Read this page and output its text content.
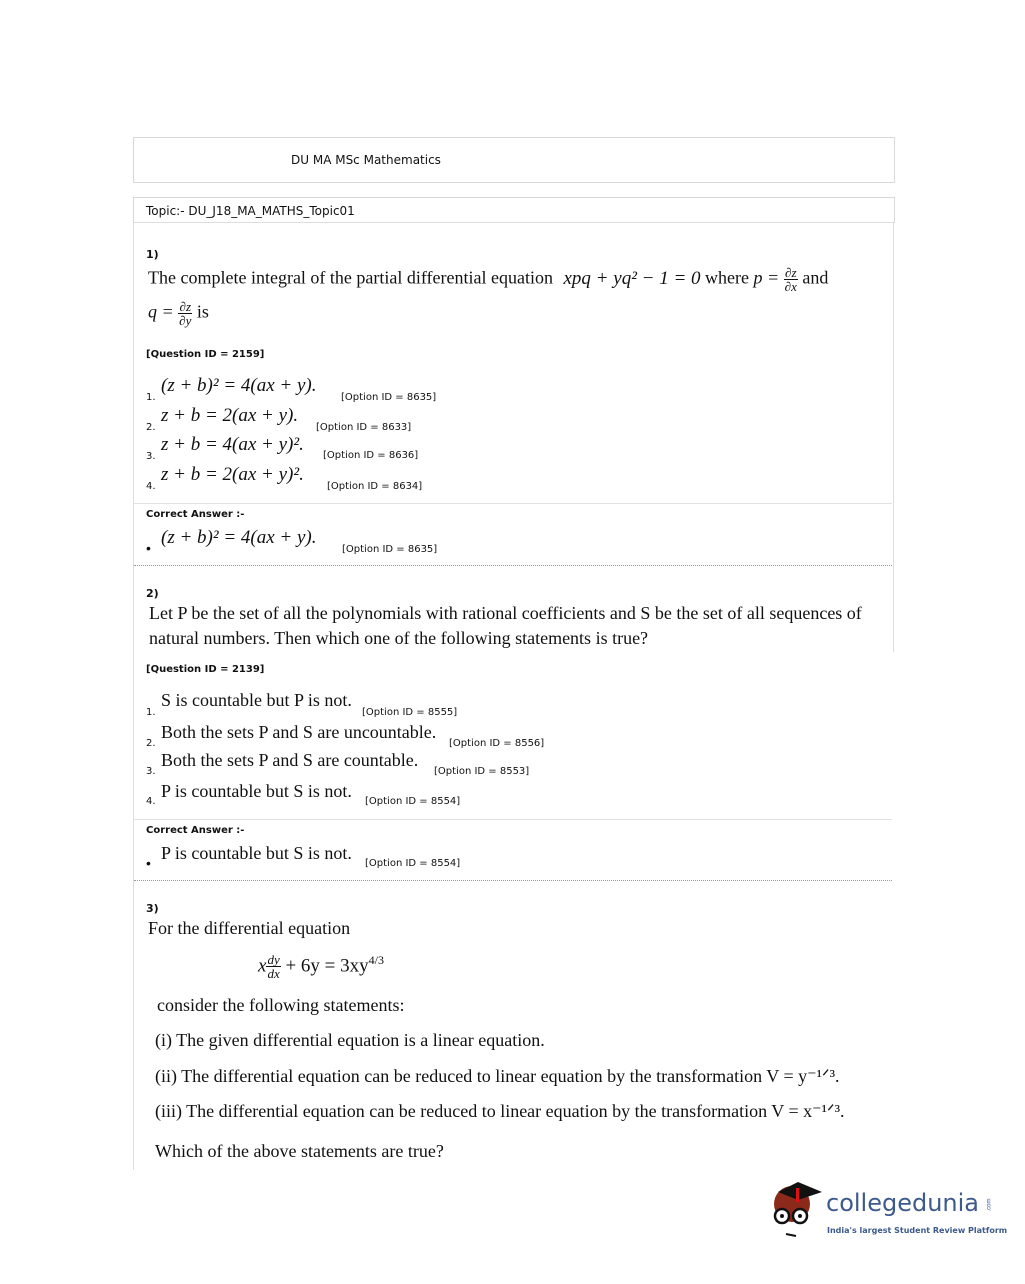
DU MA MSc Mathematics
Topic:- DU_J18_MA_MATHS_Topic01
1)
The complete integral of the partial differential equation xpq + yq² − 1 = 0 where $p = \frac{\partial z}{\partial x}$ and
$q = \frac{\partial z}{\partial y}$ is
[Question ID = 2159]
1.
(z + b)² = 4(ax + y).
[Option ID = 8635]
2.
z + b = 2(ax + y).
[Option ID = 8633]
3.
z + b = 4(ax + y)².
[Option ID = 8636]
4.
z + b = 2(ax + y)².
[Option ID = 8634]
Correct Answer :-
• (z + b)² = 4(ax + y).
[Option ID = 8635]
2)
Let P be the set of all the polynomials with rational coefficients and S be the set of all sequences of
natural numbers. Then which one of the following statements is true?
[Question ID = 2139]
1.
S is countable but P is not.
[Option ID = 8555]
2.
Both the sets P and S are uncountable.
[Option ID = 8556]
3.
Both the sets P and S are countable.
[Option ID = 8553]
4.
P is countable but S is not.
[Option ID = 8554]
Correct Answer :-
• P is countable but S is not.
[Option ID = 8554]
3)
For the differential equation
x $\frac{dy}{dx} + 6y = 3xy^{4/3}$
consider the following statements:
(i) The given differential equation is a linear equation.
(ii) The differential equation can be reduced to linear equation by the transformation V = y⁻¹ᐟ³.
(iii) The differential equation can be reduced to linear equation by the transformation V = x⁻¹ᐟ³.
Which of the above statements are true?
collegedunia .com
India's largest Student Review Platform
